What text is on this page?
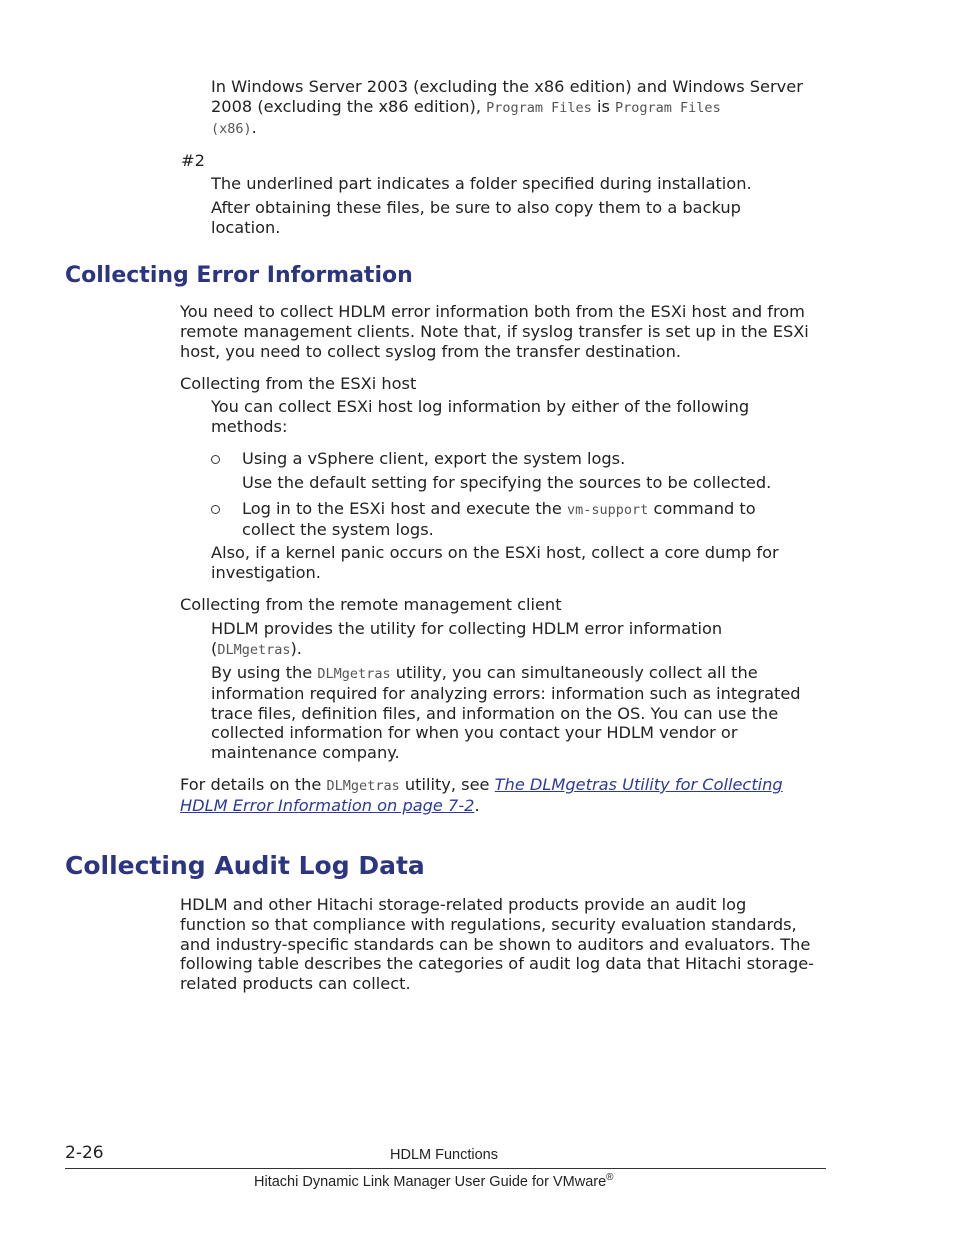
In Windows Server 2003 (excluding the x86 edition) and Windows Server

2008 (excluding the x86 edition), Program Files is Program Files

(x86).

#2

The underlined part indicates a folder specified during installation.

After obtaining these files, be sure to also copy them to a backup

location.

Collecting Error Information

You need to collect HDLM error information both from the ESXi host and from

remote management clients. Note that, if syslog transfer is set up in the ESXi

host, you need to collect syslog from the transfer destination.

Collecting from the ESXi host

You can collect ESXi host log information by either of the following

methods:

Using a vSphere client, export the system logs.

Use the default setting for specifying the sources to be collected.

Log in to the ESXi host and execute the vm-support command to

collect the system logs.

Also, if a kernel panic occurs on the ESXi host, collect a core dump for

investigation.

Collecting from the remote management client

HDLM provides the utility for collecting HDLM error information

(DLMgetras).

By using the DLMgetras utility, you can simultaneously collect all the

information required for analyzing errors: information such as integrated

trace files, definition files, and information on the OS. You can use the

collected information for when you contact your HDLM vendor or

maintenance company.

For details on the DLMgetras utility, see The DLMgetras Utility for Collecting

HDLM Error Information on page 7-2.

Collecting Audit Log Data

HDLM and other Hitachi storage-related products provide an audit log

function so that compliance with regulations, security evaluation standards,

and industry-specific standards can be shown to auditors and evaluators. The

following table describes the categories of audit log data that Hitachi storage-

related products can collect.

2-26	HDLM Functions

Hitachi Dynamic Link Manager User Guide for VMware®
